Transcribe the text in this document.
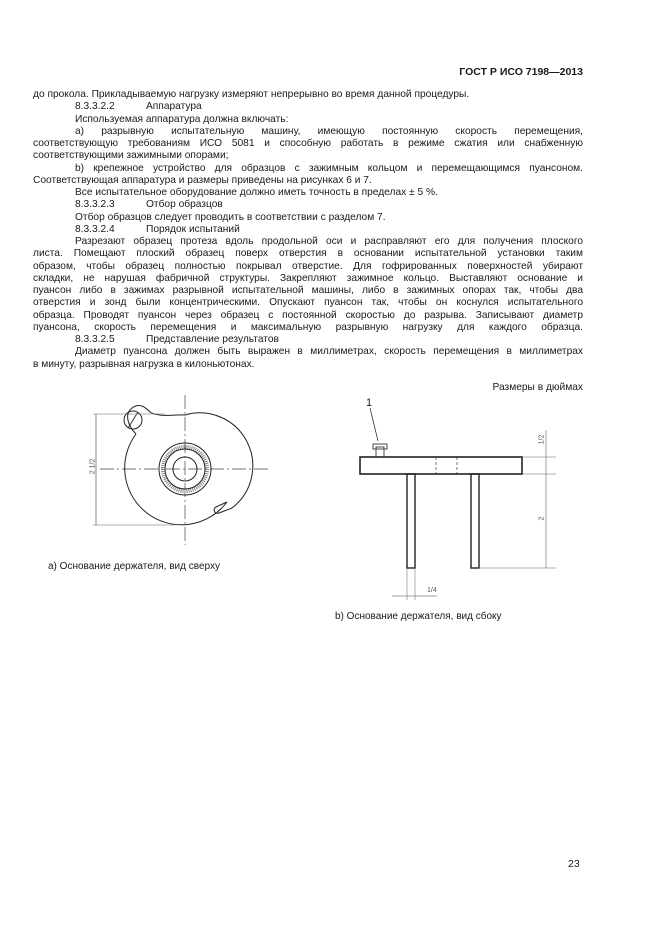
ГОСТ Р ИСО 7198—2013
до прокола. Прикладываемую нагрузку измеряют непрерывно во время данной процедуры.
8.3.3.2.2	Аппаратура
Используемая аппаратура должна включать:
a) разрывную испытательную машину, имеющую постоянную скорость перемещения,
соответствующую требованиям ИСО 5081 и способную работать в режиме сжатия или снабженную
соответствующими зажимными опорами;
b) крепежное устройство для образцов с зажимным кольцом и перемещающимся пуансоном.
Соответствующая аппаратура и размеры приведены на рисунках 6 и 7.
Все испытательное оборудование должно иметь точность в пределах ± 5 %.
8.3.3.2.3	Отбор образцов
Отбор образцов следует проводить в соответствии с разделом 7.
8.3.3.2.4	Порядок испытаний
Разрезают образец протеза вдоль продольной оси и расправляют его для получения плоского
листа. Помещают плоский образец поверх отверстия в основании испытательной установки таким
образом, чтобы образец полностью покрывал отверстие. Для гофрированных поверхностей убирают
складки, не нарушая фабричной структуры. Закрепляют зажимное кольцо. Выставляют основание и
пуансон либо в зажимах разрывной испытательной машины, либо в зажимных опорах так, чтобы два
отверстия и зонд были концентрическими. Опускают пуансон так, чтобы он коснулся испытательного
образца. Проводят пуансон через образец с постоянной скоростью до разрыва. Записывают диаметр
пуансона, скорость перемещения и максимальную разрывную нагрузку для каждого образца.
8.3.3.2.5	Представление результатов
Диаметр пуансона должен быть выражен в миллиметрах, скорость перемещения в миллиметрах
в минуту, разрывная нагрузка в килоньютонах.
Размеры в дюймах
2 1/2
1/2
2
1/4
1
a) Основание держателя, вид сверху
b) Основание держателя, вид сбоку
23
